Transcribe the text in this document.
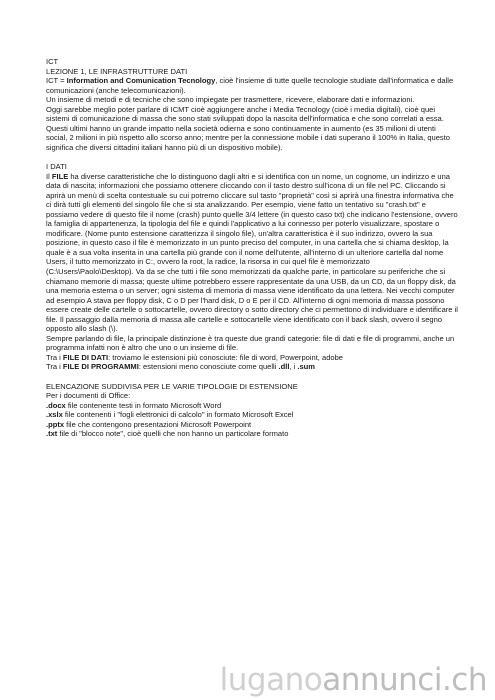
ICT

LEZIONE 1, LE INFRASTRUTTURE DATI

ICT = Information and Comunication Tecnology, cioè l'insieme di tutte quelle tecnologie studiate dall'informatica e dalle comunicazioni (anche telecomunicazioni).

Un insieme di metodi e di tecniche che sono impiegate per trasmettere, ricevere, elaborare dati e informazioni.

Oggi sarebbe meglio poter parlare di ICMT cioè aggiungere anche i Media Tecnology (cioè i media digitali), cioè quei sistemi di comunicazione di massa che sono stati sviluppati dopo la nascita dell'informatica e che sono correlati a essa. Questi ultimi hanno un grande impatto nella società odierna e sono continuamente in aumento (es 35 milioni di utenti social, 2 milioni in più rispetto allo scorso anno; mentre per la connessione mobile i dati superano il 100% in Italia, questo significa che diversi cittadini italiani hanno più di un dispositivo mobile).

I DATI

Il FILE ha diverse caratteristiche che lo distinguono dagli altri e si identifica con un nome, un cognome, un indirizzo e una data di nascita; informazioni che possiamo ottenere cliccando con il tasto destro sull'icona di un file nel PC. Cliccando si aprirà un menù di scelta contestuale su cui potremo cliccare sul tasto "proprietà" così si aprirà una finestra informativa che ci dirà tutti gli elementi del singolo file che si sta analizzando. Per esempio, viene fatto un tentativo su "crash.txt" e possiamo vedere di questo file il nome (crash) punto quelle 3/4 lettere (in questo caso txt) che indicano l'estensione, ovvero la famiglia di appartenenza, la tipologia del file e quindi l'applicativo a lui connesso per poterlo visualizzare, spostare o modificare. (Nome punto estensione caratterizza il singolo file), un'altra caratteristica è il suo indirizzo, ovvero la sua posizione, in questo caso il file è memorizzato in un punto preciso del computer, in una cartella che si chiama desktop, la quale è a sua volta inserita in una cartella più grande con il nome dell'utente, all'interno di un ulteriore cartella dal nome Users, il tutto memorizzato in C:, ovvero la root, la radice, la risorsa in cui quel file è memorizzato (C:\Users\Paolo\Desktop). Va da se che tutti i file sono memorizzati da qualche parte, in particolare su periferiche che si chiamano memorie di massa; queste ultime potrebbero essere rappresentate da una USB, da un CD, da un floppy disk, da una memoria esterna o un server; ogni sistema di memoria di massa viene identificato da una lettera. Nei vecchi computer ad esempio A stava per floppy disk, C o D per l'hard disk, D o E per il CD. All'interno di ogni memoria di massa possono essere create delle cartelle o sottocartelle, ovvero directory o sotto directory che ci permettono di individuare e identificare il file. Il passaggio dalla memoria di massa alle cartelle e sottocartelle viene identificato con il back slash, ovvero il segno opposto allo slash (\).

Sempre parlando di file, la principale distinzione è tra queste due grandi categorie: file di dati e file di programmi, anche un programma infatti non è altro che uno o un insieme di file.

Tra i FILE DI DATI: troviamo le estensioni più conosciute: file di word, Powerpoint, adobe

Tra i FILE DI PROGRAMMI: estensioni meno conosciute come quelli .dll, i .sum

ELENCAZIONE SUDDIVISA PER LE VARIE TIPOLOGIE DI ESTENSIONE

Per i documenti di Office:

.docx file contenente testi in formato Microsoft Word

.xslx file contenenti i "fogli elettronici di calcolo" in formato Microsoft Excel

.pptx file che contengono presentazioni Microsoft Powerpoint

.txt file di "blocco note", cioè quelli che non hanno un particolare formato

luganoannunci.ch
